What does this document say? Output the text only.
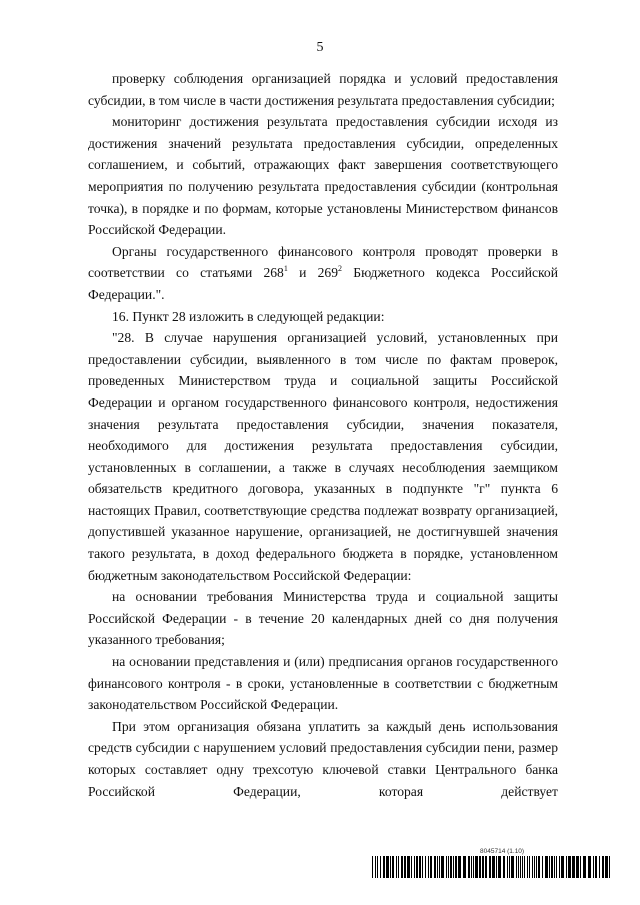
5

проверку соблюдения организацией порядка и условий предоставления субсидии, в том числе в части достижения результата предоставления субсидии;

мониторинг достижения результата предоставления субсидии исходя из достижения значений результата предоставления субсидии, определенных соглашением, и событий, отражающих факт завершения соответствующего мероприятия по получению результата предоставления субсидии (контрольная точка), в порядке и по формам, которые установлены Министерством финансов Российской Федерации.

Органы государственного финансового контроля проводят проверки в соответствии со статьями $268^1$ и $269^2$ Бюджетного кодекса Российской Федерации.".

16. Пункт 28 изложить в следующей редакции:

"28. В случае нарушения организацией условий, установленных при предоставлении субсидии, выявленного в том числе по фактам проверок, проведенных Министерством труда и социальной защиты Российской Федерации и органом государственного финансового контроля, недостижения значения результата предоставления субсидии, значения показателя, необходимого для достижения результата предоставления субсидии, установленных в соглашении, а также в случаях несоблюдения заемщиком обязательств кредитного договора, указанных в подпункте "г" пункта 6 настоящих Правил, соответствующие средства подлежат возврату организацией, допустившей указанное нарушение, организацией, не достигнувшей значения такого результата, в доход федерального бюджета в порядке, установленном бюджетным законодательством Российской Федерации:

на основании требования Министерства труда и социальной защиты Российской Федерации - в течение 20 календарных дней со дня получения указанного требования;

на основании представления и (или) предписания органов государственного финансового контроля - в сроки, установленные в соответствии с бюджетным законодательством Российской Федерации.

При этом организация обязана уплатить за каждый день использования средств субсидии с нарушением условий предоставления субсидии пени, размер которых составляет одну трехсотую ключевой ставки Центрального банка Российской Федерации, которая действует

8045714 (1.10)
